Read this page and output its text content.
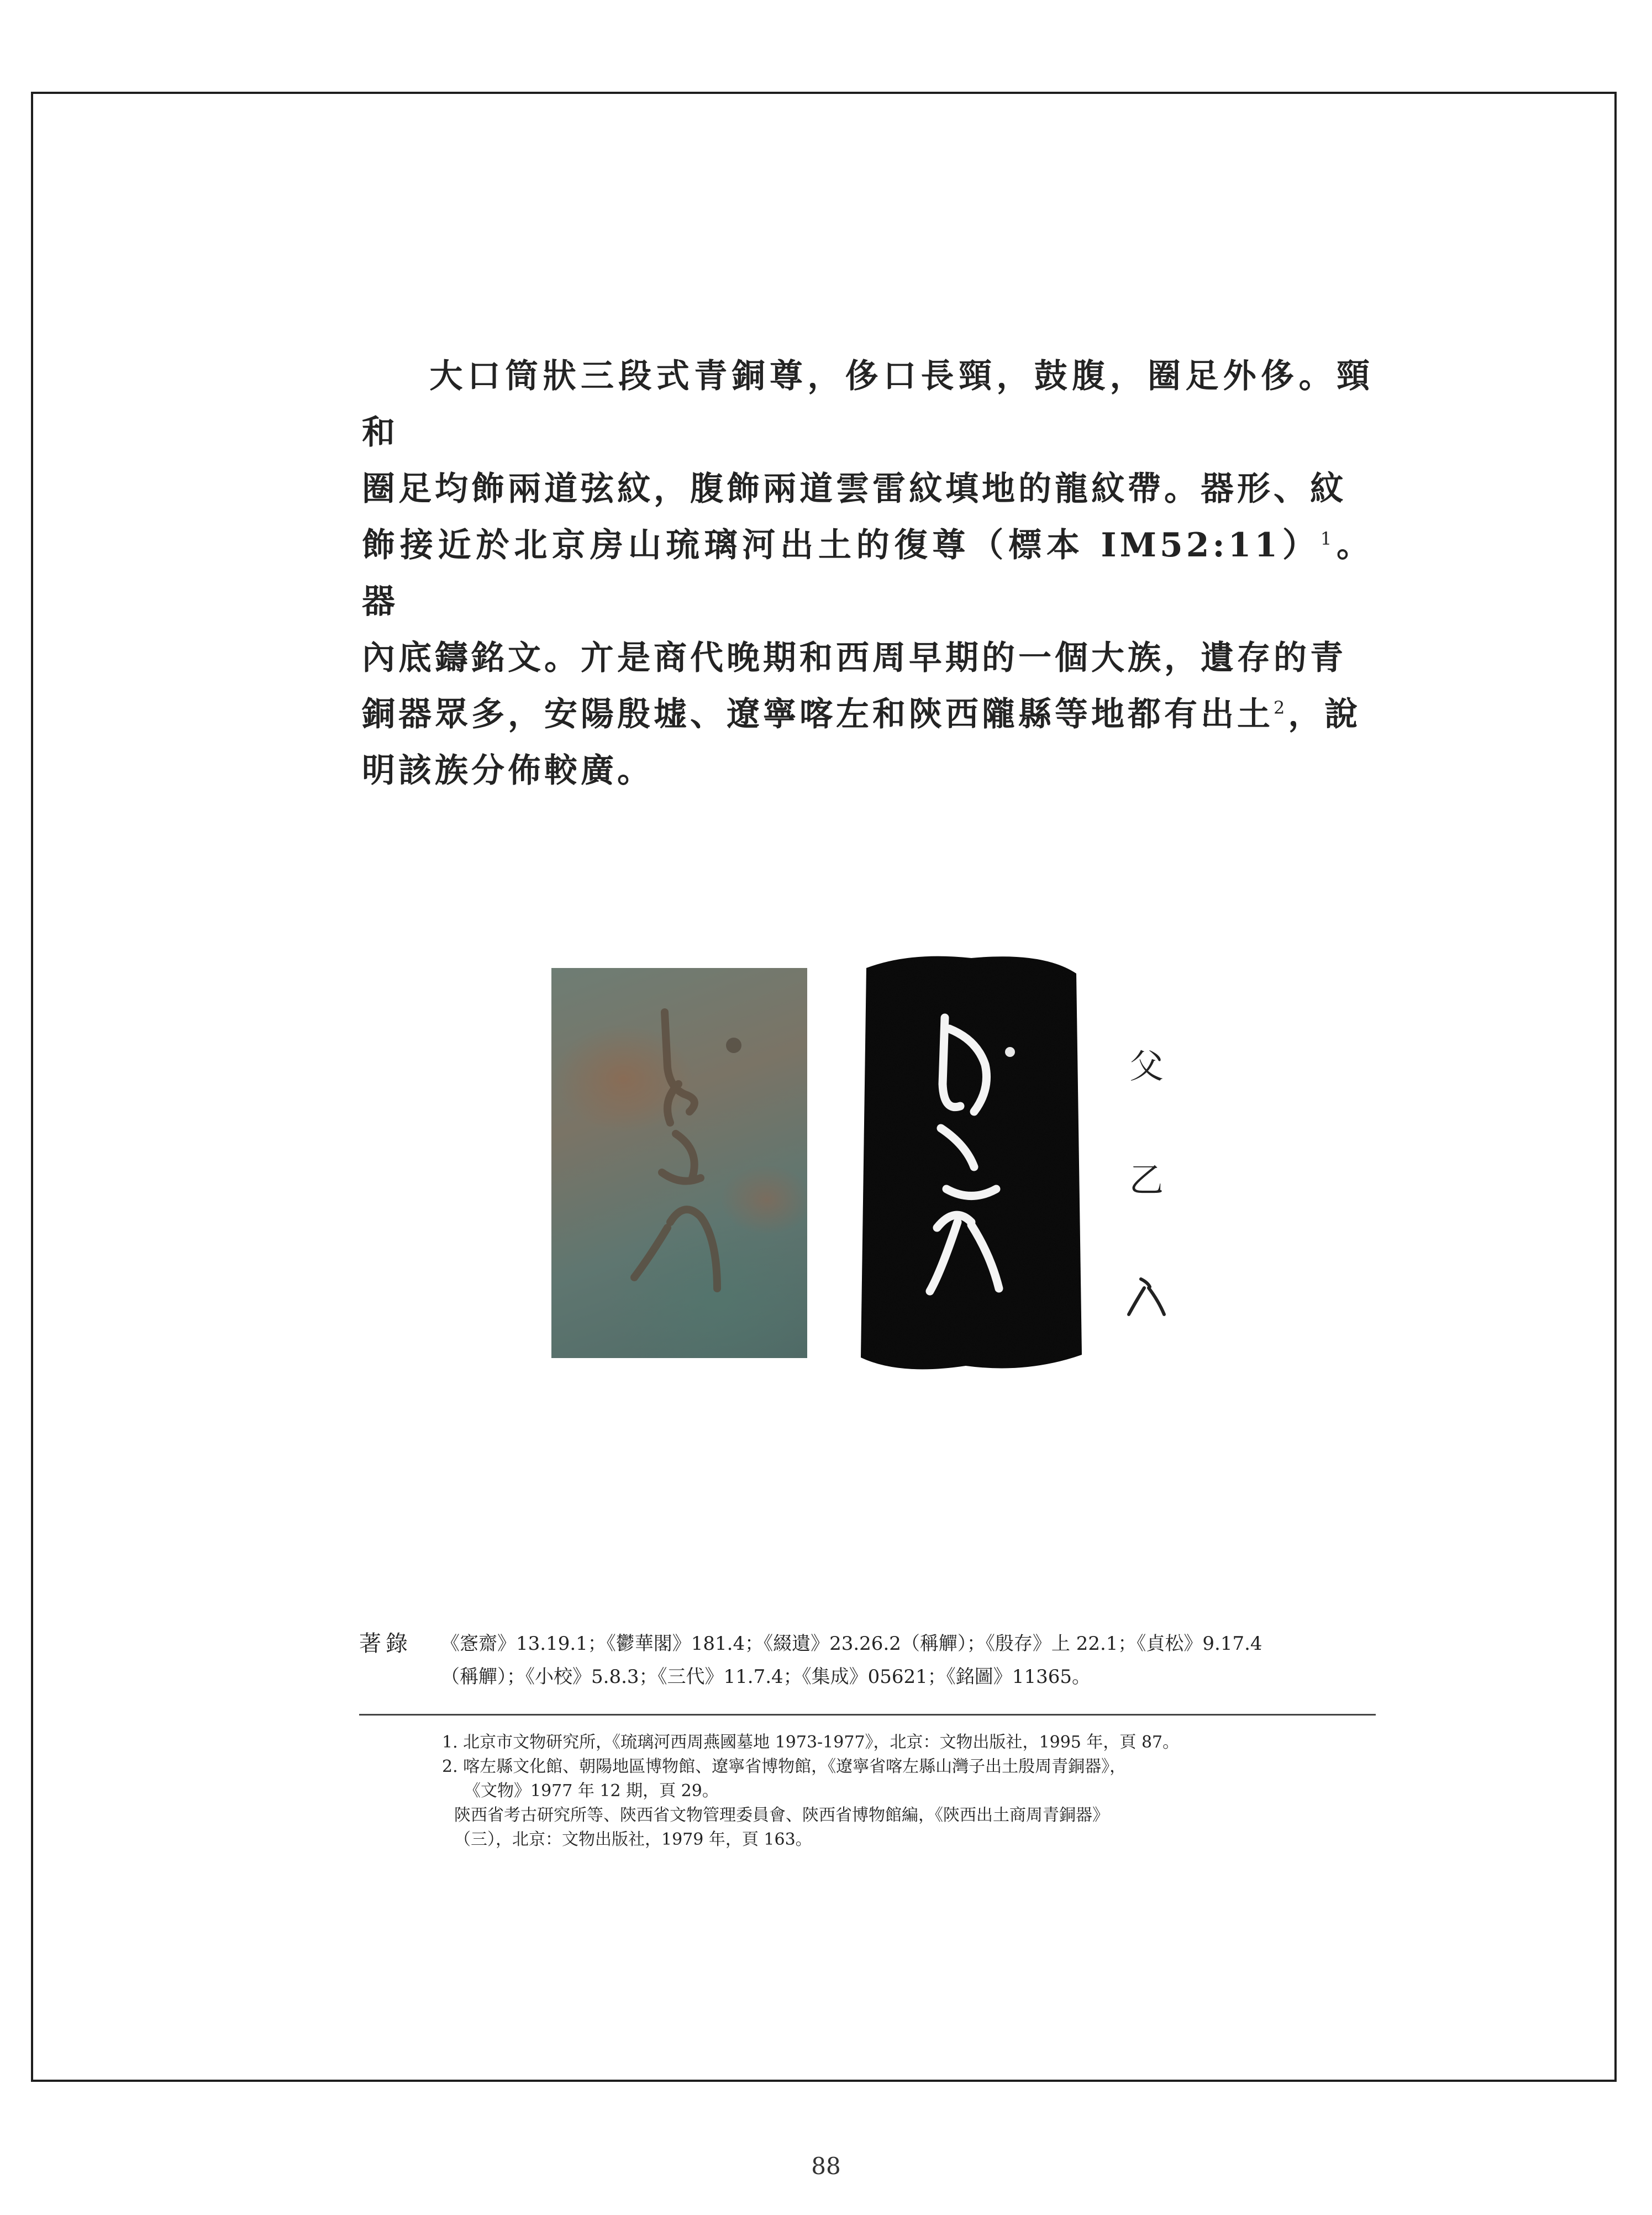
大口筒狀三段式青銅尊，侈口長頸，鼓腹，圈足外侈。頸和

圈足均飾兩道弦紋，腹飾兩道雲雷紋填地的龍紋帶。器形、紋

飾接近於北京房山琉璃河出土的復尊（標本 IM52:11）$^1$。器

內底鑄銘文。亣是商代晚期和西周早期的一個大族，遺存的青

銅器眾多，安陽殷墟、遼寧喀左和陝西隴縣等地都有出土$^2$，說

明該族分佈較廣。

父
乙
著錄 《愙齋》13.19.1；《鬱華閣》181.4；《綴遺》23.26.2（稱觶）；《殷存》上 22.1；《貞松》9.17.4
（稱觶）；《小校》5.8.3；《三代》11.7.4；《集成》05621；《銘圖》11365。
1. 北京市文物研究所，《琉璃河西周燕國墓地 1973-1977》，北京：文物出版社，1995 年，頁 87。
2. 喀左縣文化館、朝陽地區博物館、遼寧省博物館，《遼寧省喀左縣山灣子出土殷周青銅器》，
《文物》1977 年 12 期，頁 29。
陝西省考古研究所等、陝西省文物管理委員會、陝西省博物館編，《陝西出土商周青銅器》
（三），北京：文物出版社，1979 年，頁 163。
88
